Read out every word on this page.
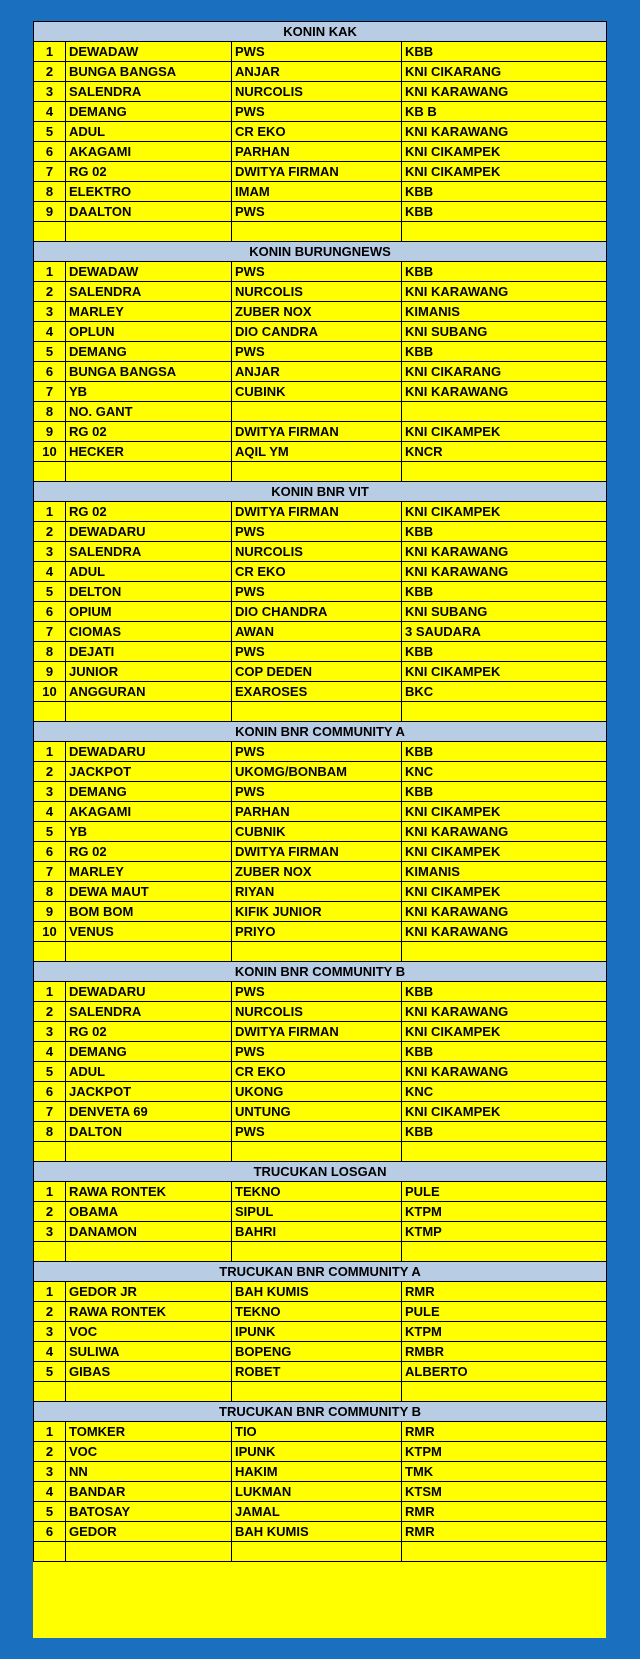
KONIN KAK			
1	DEWADAW	PWS	KBB
2	BUNGA BANGSA	ANJAR	KNI CIKARANG
3	SALENDRA	NURCOLIS	KNI KARAWANG
4	DEMANG	PWS	KB B
5	ADUL	CR EKO	KNI KARAWANG
6	AKAGAMI	PARHAN	KNI CIKAMPEK
7	RG 02	DWITYA FIRMAN	KNI CIKAMPEK
8	ELEKTRO	IMAM	KBB
9	DAALTON	PWS	KBB

KONIN BURUNGNEWS			
1	DEWADAW	PWS	KBB
2	SALENDRA	NURCOLIS	KNI KARAWANG
3	MARLEY	ZUBER NOX	KIMANIS
4	OPLUN	DIO CANDRA	KNI SUBANG
5	DEMANG	PWS	KBB
6	BUNGA BANGSA	ANJAR	KNI CIKARANG
7	YB	CUBINK	KNI KARAWANG
8	NO. GANT		
9	RG 02	DWITYA FIRMAN	KNI CIKAMPEK
10	HECKER	AQIL YM	KNCR

KONIN BNR VIT			
1	RG 02	DWITYA FIRMAN	KNI CIKAMPEK
2	DEWADARU	PWS	KBB
3	SALENDRA	NURCOLIS	KNI KARAWANG
4	ADUL	CR EKO	KNI KARAWANG
5	DELTON	PWS	KBB
6	OPIUM	DIO CHANDRA	KNI SUBANG
7	CIOMAS	AWAN	3 SAUDARA
8	DEJATI	PWS	KBB
9	JUNIOR	COP DEDEN	KNI CIKAMPEK
10	ANGGURAN	EXAROSES	BKC

KONIN BNR COMMUNITY A			
1	DEWADARU	PWS	KBB
2	JACKPOT	UKOMG/BONBAM	KNC
3	DEMANG	PWS	KBB
4	AKAGAMI	PARHAN	KNI CIKAMPEK
5	YB	CUBNIK	KNI KARAWANG
6	RG 02	DWITYA FIRMAN	KNI CIKAMPEK
7	MARLEY	ZUBER NOX	KIMANIS
8	DEWA MAUT	RIYAN	KNI CIKAMPEK
9	BOM BOM	KIFIK JUNIOR	KNI KARAWANG
10	VENUS	PRIYO	KNI KARAWANG

KONIN BNR COMMUNITY B			
1	DEWADARU	PWS	KBB
2	SALENDRA	NURCOLIS	KNI KARAWANG
3	RG 02	DWITYA FIRMAN	KNI CIKAMPEK
4	DEMANG	PWS	KBB
5	ADUL	CR EKO	KNI KARAWANG
6	JACKPOT	UKONG	KNC
7	DENVETA 69	UNTUNG	KNI CIKAMPEK
8	DALTON	PWS	KBB

TRUCUKAN LOSGAN			
1	RAWA RONTEK	TEKNO	PULE
2	OBAMA	SIPUL	KTPM
3	DANAMON	BAHRI	KTMP

TRUCUKAN BNR COMMUNITY A			
1	GEDOR JR	BAH KUMIS	RMR
2	RAWA RONTEK	TEKNO	PULE
3	VOC	IPUNK	KTPM
4	SULIWA	BOPENG	RMBR
5	GIBAS	ROBET	ALBERTO

TRUCUKAN BNR COMMUNITY B			
1	TOMKER	TIO	RMR
2	VOC	IPUNK	KTPM
3	NN	HAKIM	TMK
4	BANDAR	LUKMAN	KTSM
5	BATOSAY	JAMAL	RMR
6	GEDOR	BAH KUMIS	RMR
